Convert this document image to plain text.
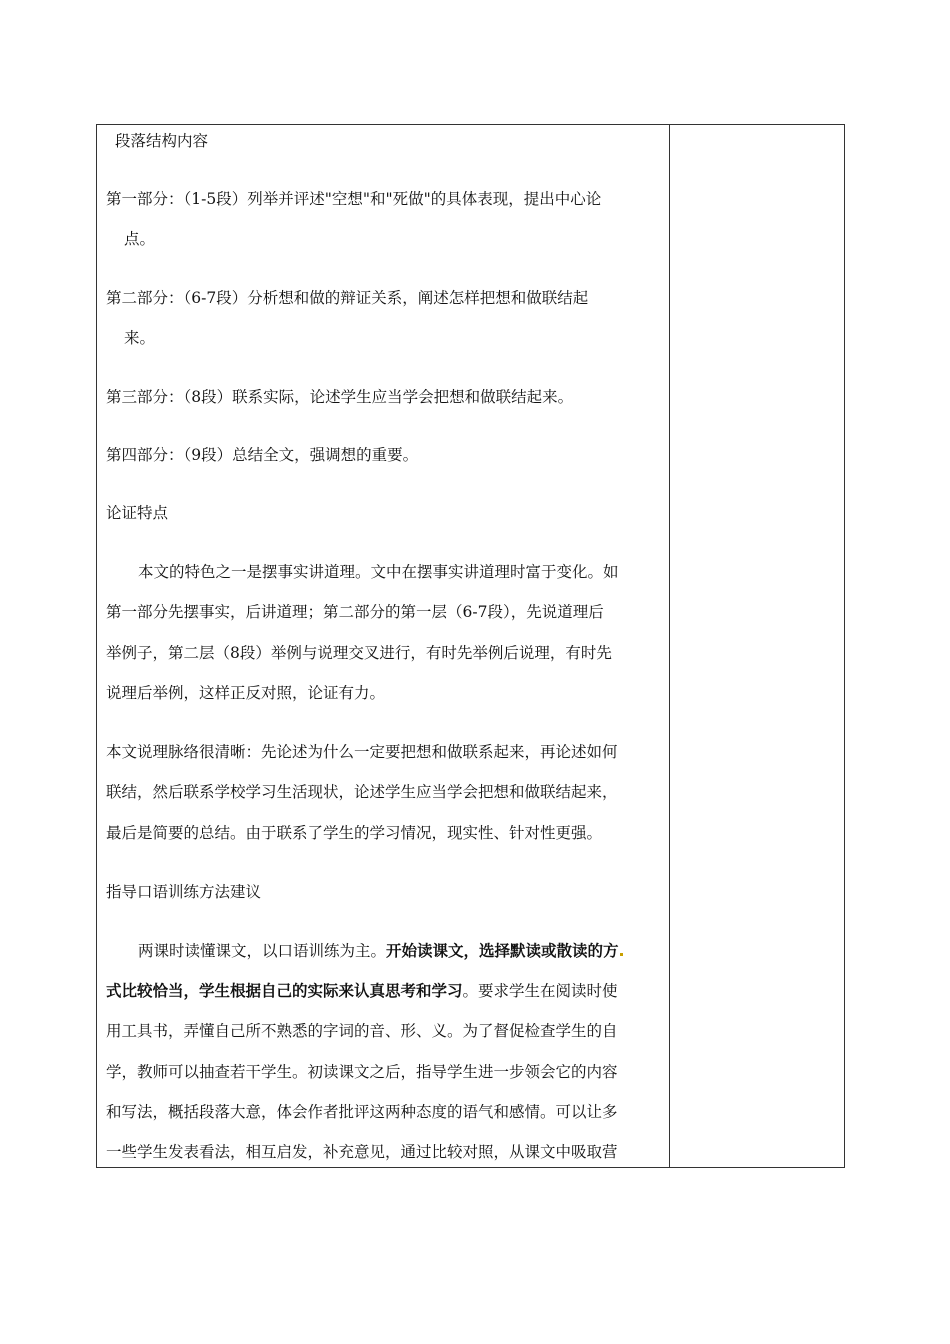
段落结构内容
第一部分：（1-5段）列举并评述"空想"和"死做"的具体表现，提出中心论
点。
第二部分：（6-7段）分析想和做的辩证关系，阐述怎样把想和做联结起
来。
第三部分：（8段）联系实际，论述学生应当学会把想和做联结起来。
第四部分：（9段）总结全文，强调想的重要。
论证特点
本文的特色之一是摆事实讲道理。文中在摆事实讲道理时富于变化。如
第一部分先摆事实，后讲道理；第二部分的第一层（6-7段），先说道理后
举例子，第二层（8段）举例与说理交叉进行，有时先举例后说理，有时先
说理后举例，这样正反对照，论证有力。
本文说理脉络很清晰：先论述为什么一定要把想和做联系起来，再论述如何
联结，然后联系学校学习生活现状，论述学生应当学会把想和做联结起来，
最后是简要的总结。由于联系了学生的学习情况，现实性、针对性更强。
指导口语训练方法建议
两课时读懂课文，以口语训练为主。开始读课文，选择默读或散读的方
式比较恰当，学生根据自己的实际来认真思考和学习。要求学生在阅读时使
用工具书，弄懂自己所不熟悉的字词的音、形、义。为了督促检查学生的自
学，教师可以抽查若干学生。初读课文之后，指导学生进一步领会它的内容
和写法，概括段落大意，体会作者批评这两种态度的语气和感情。可以让多
一些学生发表看法，相互启发，补充意见，通过比较对照，从课文中吸取营
